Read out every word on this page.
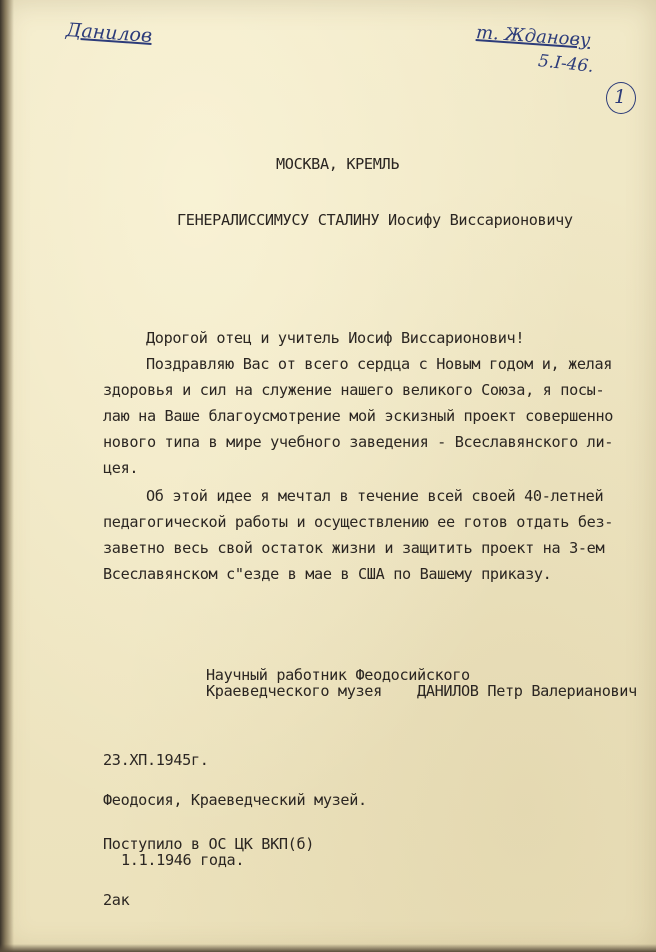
Данилов	т. Жданову
5.I-46.
1
МОСКВА, КРЕМЛЬ
ГЕНЕРАЛИССИМУСУ СТАЛИНУ Иосифу Виссарионовичу
Дорогой отец и учитель Иосиф Виссарионович!
Поздравляю Вас от всего сердца с Новым годом и, желая
здоровья и сил на служение нашего великого Союза, я посы-
лаю на Ваше благоусмотрение мой эскизный проект совершенно
нового типа в мире учебного заведения - Всеславянского ли-
цея.
Об этой идее я мечтал в течение всей своей 40-летней
педагогической работы и осуществлению ее готов отдать без-
заветно весь свой остаток жизни и защитить проект на 3-ем
Всеславянском с"езде в мае в США по Вашему приказу.
Научный работник Феодосийского
Краеведческого музея    ДАНИЛОВ Петр Валерианович
23.ХП.1945г.
Феодосия, Краеведческий музей.
Поступило в ОС ЦК ВКП(б)
1.1.1946 года.
2ак
